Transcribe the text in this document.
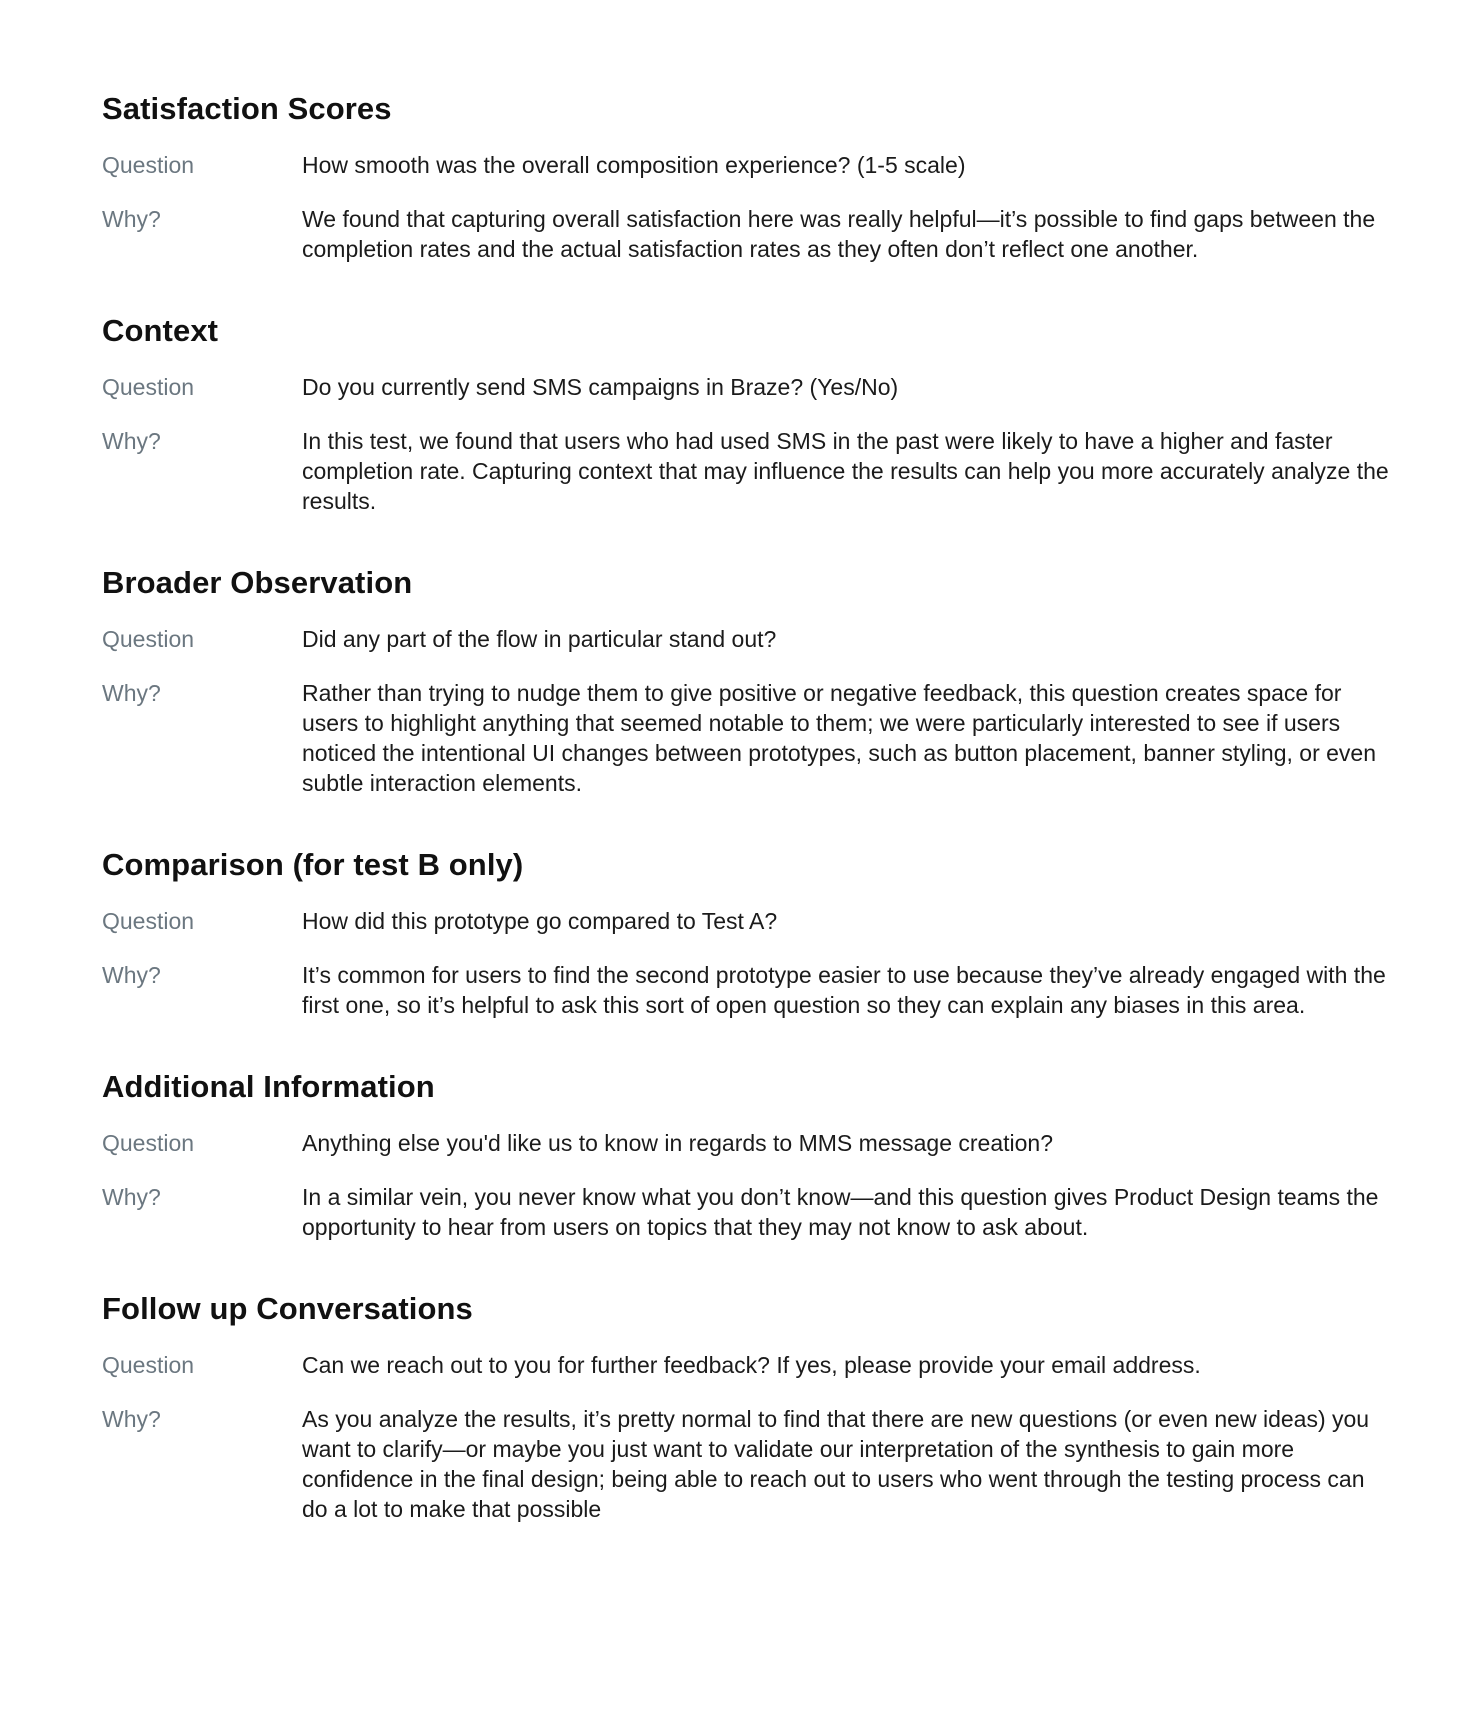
Satisfaction Scores
Question	How smooth was the overall composition experience? (1-5 scale)
Why?	We found that capturing overall satisfaction here was really helpful—it’s possible to find gaps between the completion rates and the actual satisfaction rates as they often don’t reflect one another.
Context
Question	Do you currently send SMS campaigns in Braze? (Yes/No)
Why?	In this test, we found that users who had used SMS in the past were likely to have a higher and faster completion rate. Capturing context that may influence the results can help you more accurately analyze the results.
Broader Observation
Question	Did any part of the flow in particular stand out?
Why?	Rather than trying to nudge them to give positive or negative feedback, this question creates space for users to highlight anything that seemed notable to them; we were particularly interested to see if users noticed the intentional UI changes between prototypes, such as button placement, banner styling, or even subtle interaction elements.
Comparison (for test B only)
Question	How did this prototype go compared to Test A?
Why?	It’s common for users to find the second prototype easier to use because they’ve already engaged with the first one, so it’s helpful to ask this sort of open question so they can explain any biases in this area.
Additional Information
Question	Anything else you'd like us to know in regards to MMS message creation?
Why?	In a similar vein, you never know what you don’t know—and this question gives Product Design teams the opportunity to hear from users on topics that they may not know to ask about.
Follow up Conversations
Question	Can we reach out to you for further feedback? If yes, please provide your email address.
Why?	As you analyze the results, it’s pretty normal to find that there are new questions (or even new ideas) you want to clarify—or maybe you just want to validate our interpretation of the synthesis to gain more confidence in the final design; being able to reach out to users who went through the testing process can do a lot to make that possible
